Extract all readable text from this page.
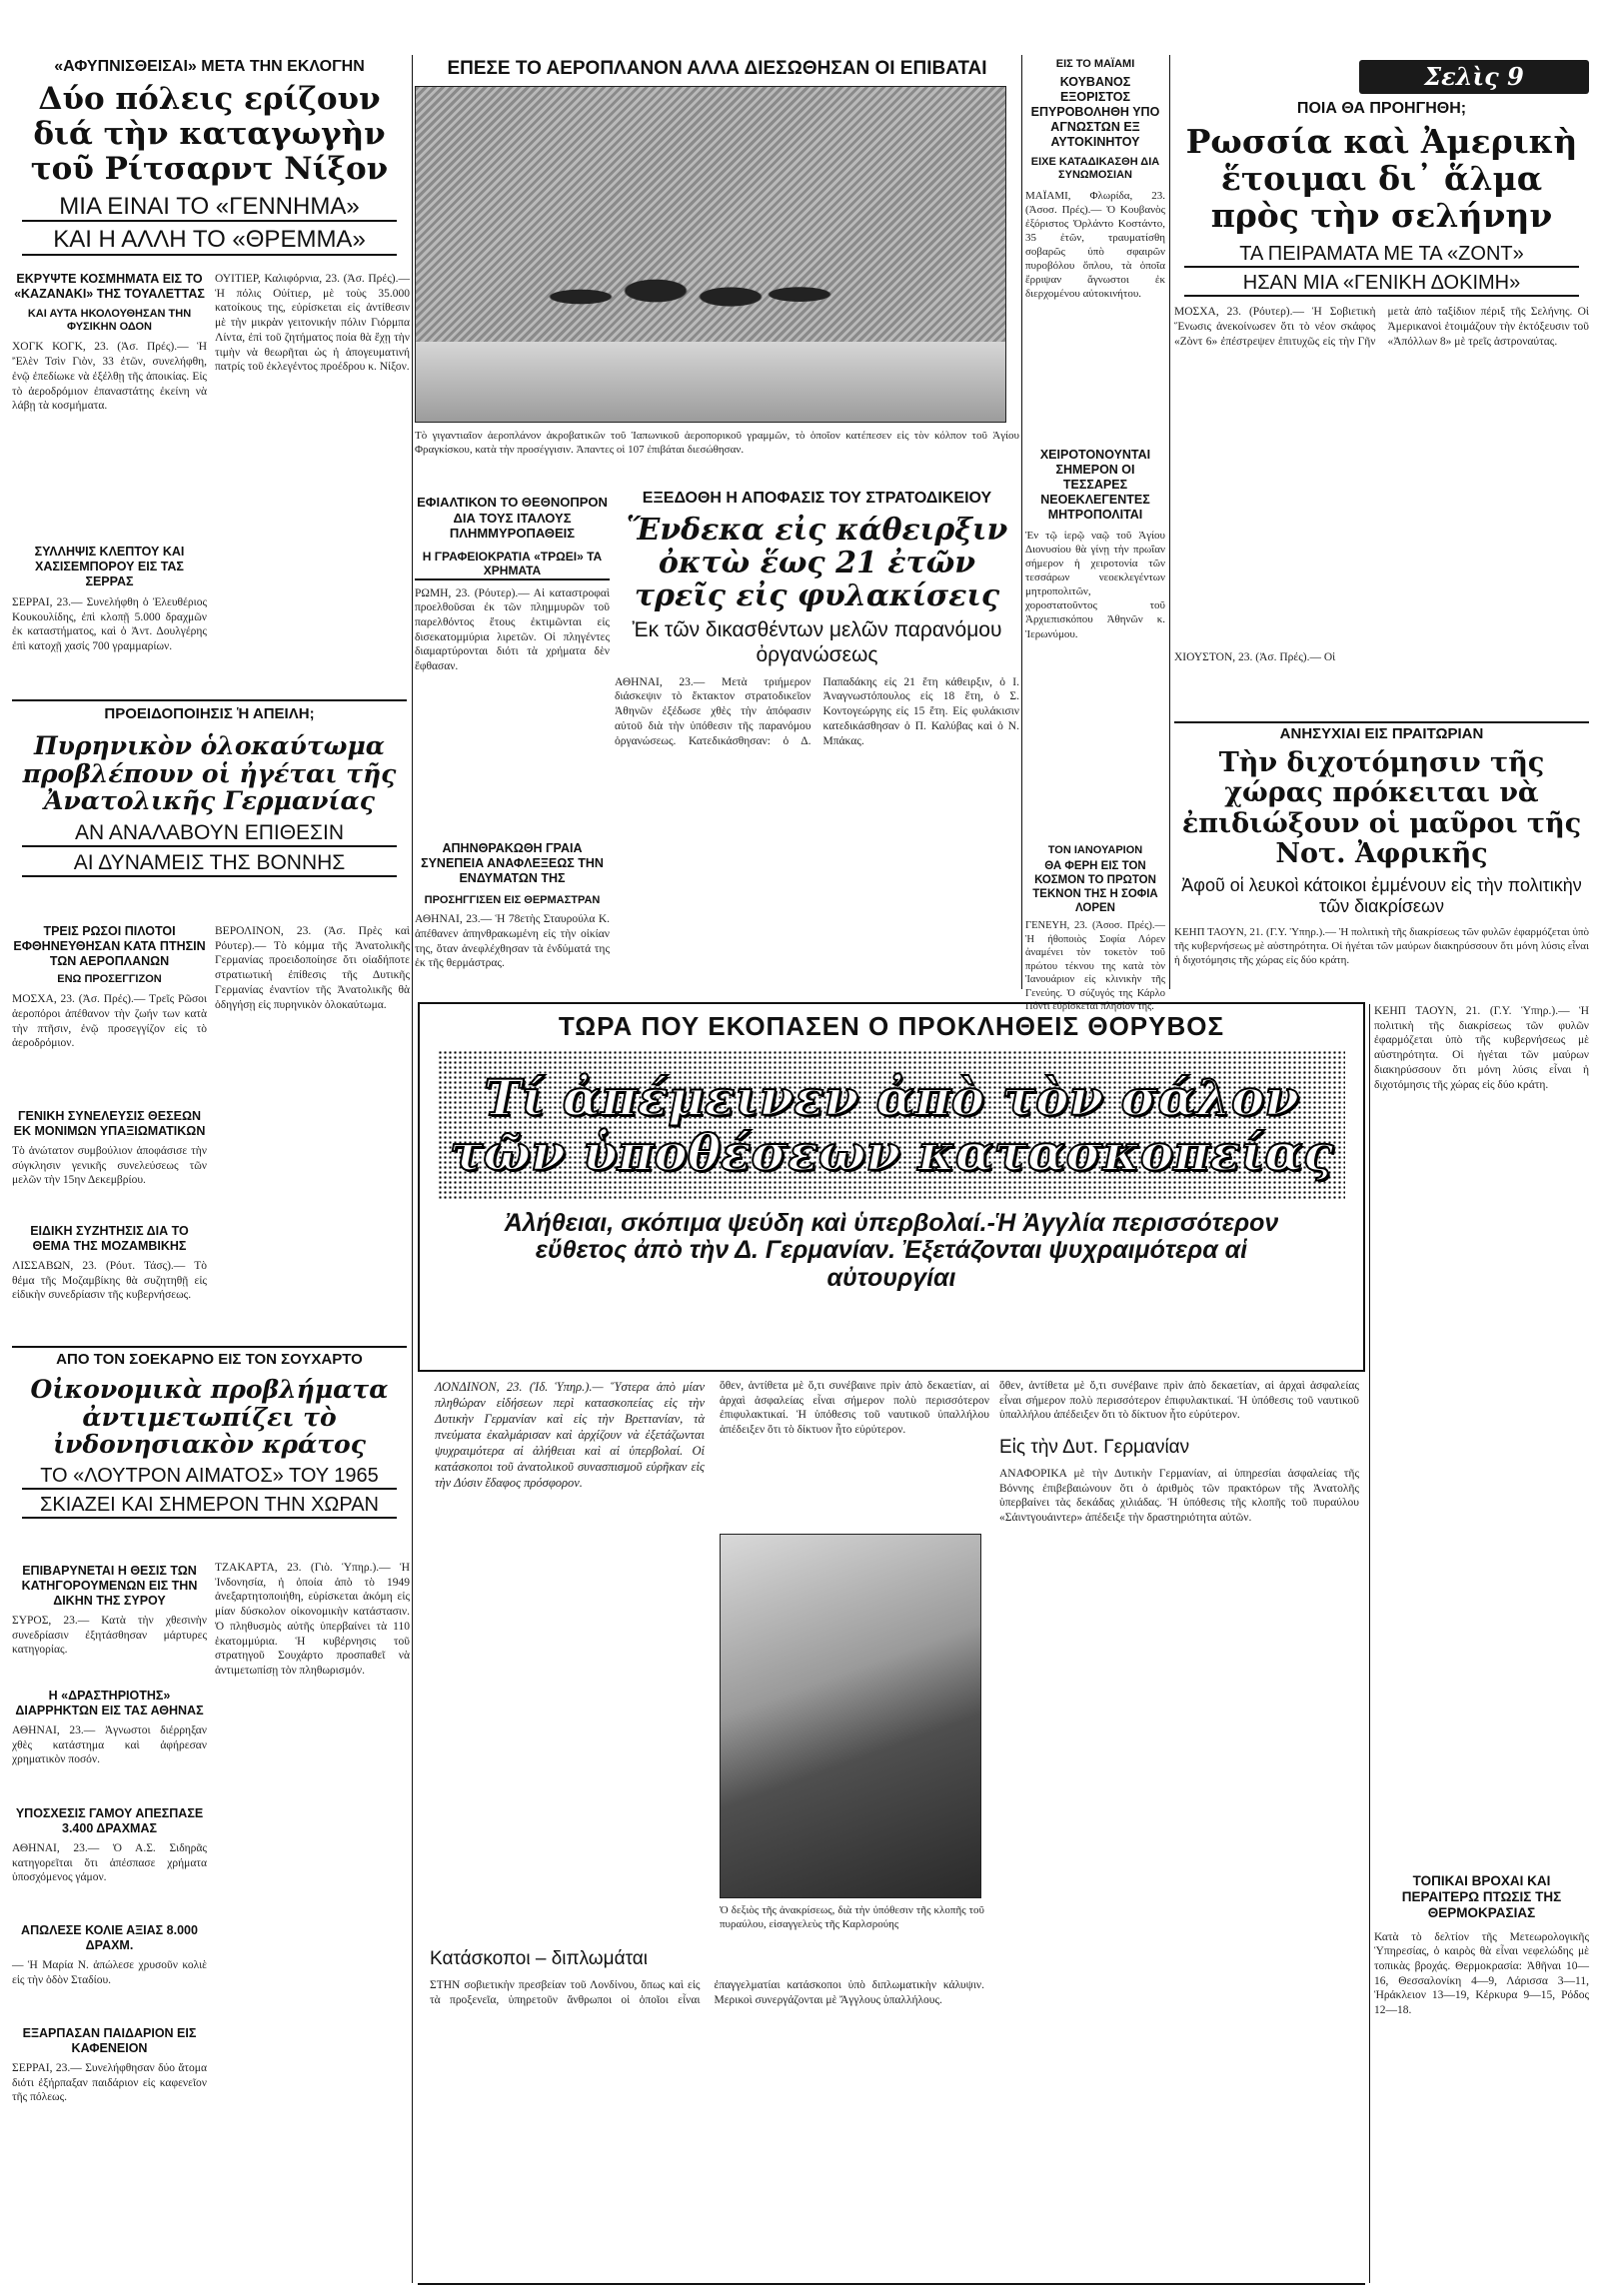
«ΑΦΥΠΝΙΣΘΕΙΣΑΙ» ΜΕΤΑ ΤΗΝ ΕΚΛΟΓΗΝ
Δύο πόλεις ερίζουν διά τὴν καταγωγὴν τοῦ Ρίτσαρντ Νίξον
ΜΙΑ ΕΙΝΑΙ ΤΟ «ΓΕΝΝΗΜΑ»
ΚΑΙ Η ΑΛΛΗ ΤΟ «ΘΡΕΜΜΑ»
ΕΚΡΥΨΤΕ ΚΟΣΜΗΜΑΤΑ ΕΙΣ ΤΟ «ΚΑΖΑΝΑΚΙ» ΤΗΣ ΤΟΥΑΛΕΤΤΑΣ
ΚΑΙ ΑΥΤΑ ΗΚΟΛΟΥΘΗΣΑΝ ΤΗΝ ΦΥΣΙΚΗΝ ΟΔΟΝ
ΧΟΓΚ ΚΟΓΚ, 23. (Ἀσ. Πρές).— Ἡ 'Ἑλὲν Τσὶν Γιὸν, 33 ἐτῶν, συνελήφθη, ἐνῷ ἐπεδίωκε νὰ ἐξέλθῃ τῆς ἀποικίας. Εἰς τὸ ἀεροδρόμιον ἐπαναστάτης ἐκείνη νὰ λάβῃ τὰ κοσμήματα.
ΟΥΙΤΙΕΡ, Καλιφόρνια, 23. (Ἀσ. Πρές).— Ἡ πόλις Οὐίτιερ, μὲ τοὺς 35.000 κατοίκους της, εὑρίσκεται εἰς ἀντίθεσιν μὲ τὴν μικρὰν γειτονικήν πόλιν Γιόρμπα Λίντα, ἐπὶ τοῦ ζητήματος ποία θὰ ἔχῃ τὴν τιμὴν νὰ θεωρῆται ὡς ἡ ἀπογευματινή πατρίς τοῦ ἐκλεγέντος προέδρου κ. Νίξον.
ΣΥΛΛΗΨΙΣ ΚΛΕΠΤΟΥ ΚΑΙ ΧΑΣΙΣΕΜΠΟΡΟΥ ΕΙΣ ΤΑΣ ΣΕΡΡΑΣ
ΣΕΡΡΑΙ, 23.— Συνελήφθη ὁ Ἐλευθέριος Κουκουλίδης, ἐπὶ κλοπῇ 5.000 δραχμῶν ἐκ καταστήματος, καὶ ὁ Ἀντ. Δουλγέρης ἐπὶ κατοχῇ χασίς 700 γραμμαρίων.
ΠΡΟΕΙΔΟΠΟΙΗΣΙΣ Ἡ ΑΠΕΙΛΗ;
Πυρηνικὸν ὁλοκαύτωμα προβλέπουν οἱ ἠγέται τῆς Ἀνατολικῆς Γερμανίας
ΑΝ ΑΝΑΛΑΒΟΥΝ ΕΠΙΘΕΣΙΝ
ΑΙ ΔΥΝΑΜΕΙΣ ΤΗΣ ΒΟΝΝΗΣ
ΤΡΕΙΣ ΡΩΣΟΙ ΠΙΛΟΤΟΙ ΕΦΘΗΝΕΥΘΗΣΑΝ ΚΑΤΑ ΠΤΗΣΙΝ ΤΩΝ ΑΕΡΟΠΛΑΝΩΝ
ΕΝΩ ΠΡΟΣΕΓΓΙΖΟΝ
ΜΟΣΧΑ, 23. (Ἀσ. Πρές).— Τρεῖς Ρῶσοι ἀεροπόροι ἀπέθανον τὴν ζωήν των κατὰ τὴν πτῆσιν, ἐνῷ προσεγγίζον εἰς τὸ ἀεροδρόμιον.
ΒΕΡΟΛΙΝΟΝ, 23. (Ἀσ. Πρὲς καὶ Ρόυτερ).— Τὸ κόμμα τῆς Ἀνατολικῆς Γερμανίας προειδοποίησε ὅτι οἰαδήποτε στρατιωτική ἐπίθεσις τῆς Δυτικῆς Γερμανίας ἐναντίον τῆς Ἀνατολικῆς θὰ ὁδηγήσῃ εἰς πυρηνικὸν ὁλοκαύτωμα.
ΓΕΝΙΚΗ ΣΥΝΕΛΕΥΣΙΣ ΘΕΣΕΩΝ ΕΚ ΜΟΝΙΜΩΝ ΥΠΑΞΙΩΜΑΤΙΚΩΝ
Τὸ ἀνώτατον συμβούλιον ἀποφάσισε τὴν σύγκλησιν γενικῆς συνελεύσεως τῶν μελῶν τὴν 15ην Δεκεμβρίου.
ΕΙΔΙΚΗ ΣΥΖΗΤΗΣΙΣ ΔΙΑ ΤΟ ΘΕΜΑ ΤΗΣ ΜΟΖΑΜΒΙΚΗΣ
ΛΙΣΣΑΒΩΝ, 23. (Ρόυτ. Τάσς).— Τὸ θέμα τῆς Μοζαμβίκης θὰ συζητηθῇ εἰς εἰδικὴν συνεδρίασιν τῆς κυβερνήσεως.
ΑΠΟ ΤΟΝ ΣΟΕΚΑΡΝΟ ΕΙΣ ΤΟΝ ΣΟΥΧΑΡΤΟ
Οἰκονομικὰ προβλήματα ἀντιμετωπίζει τὸ ἰνδονησιακὸν κράτος
ΤΟ «ΛΟΥΤΡΟΝ ΑΙΜΑΤΟΣ» ΤΟΥ 1965
ΣΚΙΑΖΕΙ ΚΑΙ ΣΗΜΕΡΟΝ ΤΗΝ ΧΩΡΑΝ
ΤΖΑΚΑΡΤΑ, 23. (Γιὸ. Ὑπηρ.).— Ἡ Ἰνδονησία, ἡ ὁποία ἀπὸ τὸ 1949 ἀνεξαρτητοποιήθη, εὑρίσκεται ἀκόμη εἰς μίαν δύσκολον οἰκονομικὴν κατάστασιν. Ὁ πληθυσμὸς αὐτῆς ὑπερβαίνει τὰ 110 ἑκατομμύρια. Ἡ κυβέρνησις τοῦ στρατηγοῦ Σουχάρτο προσπαθεῖ νὰ ἀντιμετωπίσῃ τὸν πληθωρισμόν.
ΕΠΙΒΑΡΥΝΕΤΑΙ Η ΘΕΣΙΣ ΤΩΝ ΚΑΤΗΓΟΡΟΥΜΕΝΩΝ ΕΙΣ ΤΗΝ ΔΙΚΗΝ ΤΗΣ ΣΥΡΟΥ
ΣΥΡΟΣ, 23.— Κατὰ τὴν χθεσινὴν συνεδρίασιν ἐξητάσθησαν μάρτυρες κατηγορίας.
Η «ΔΡΑΣΤΗΡΙΟΤΗΣ» ΔΙΑΡΡΗΚΤΩΝ ΕΙΣ ΤΑΣ ΑΘΗΝΑΣ
ΑΘΗΝΑΙ, 23.— Ἀγνωστοι διέρρηξαν χθὲς κατάστημα καὶ ἀφήρεσαν χρηματικὸν ποσόν.
ΥΠΟΣΧΕΣΙΣ ΓΑΜΟΥ ΑΠΕΣΠΑΣΕ 3.400 ΔΡΑΧΜΑΣ
ΑΘΗΝΑΙ, 23.— Ὁ Α.Σ. Σιδηρᾶς κατηγορεῖται ὅτι ἀπέσπασε χρήματα ὑποσχόμενος γάμον.
ΑΠΩΛΕΣΕ ΚΟΛΙΕ ΑΞΙΑΣ 8.000 ΔΡΑΧΜ.
— Ἡ Μαρία Ν. ἀπώλεσε χρυσοῦν κολιὲ εἰς τὴν ὁδὸν Σταδίου.
ΕΞΑΡΠΑΣΑΝ ΠΑΙΔΑΡΙΟΝ ΕΙΣ ΚΑΦΕΝΕΙΟΝ
ΣΕΡΡΑΙ, 23.— Συνελήφθησαν δύο ἄτομα διότι ἐξήρπαξαν παιδάριον εἰς καφενεῖον τῆς πόλεως.
ΕΠΕΣΕ ΤΟ ΑΕΡΟΠΛΑΝΟΝ ΑΛΛΑ ΔΙΕΣΩΘΗΣΑΝ ΟΙ ΕΠΙΒΑΤΑΙ
Τὸ γιγαντιαῖον ἀεροπλάνον ἀκροβατικῶν τοῦ Ἰαπωνικοῦ ἀεροπορικοῦ γραμμῶν, τὸ ὁποῖον κατέπεσεν εἰς τὸν κόλπον τοῦ Ἁγίου Φραγκίσκου, κατὰ τὴν προσέγγισιν. Ἀπαντες οἱ 107 ἐπιβάται διεσώθησαν.
ΕΦΙΑΛΤΙΚΟΝ ΤΟ ΘΕΘΝΟΠΡΟΝ ΔΙΑ ΤΟΥΣ ΙΤΑΛΟΥΣ ΠΛΗΜΜΥΡΟΠΑΘΕΙΣ
Η ΓΡΑΦΕΙΟΚΡΑΤΙΑ «ΤΡΩΕΙ» ΤΑ ΧΡΗΜΑΤΑ
ΡΩΜΗ, 23. (Ρόυτερ).— Αἱ καταστροφαὶ προελθοῦσαι ἐκ τῶν πλημμυρῶν τοῦ παρελθόντος ἔτους ἐκτιμῶνται εἰς δισεκατομμύρια λιρετῶν. Οἱ πληγέντες διαμαρτύρονται διότι τὰ χρήματα δὲν ἔφθασαν.
ΑΠΗΝΘΡΑΚΩΘΗ ΓΡΑΙΑ ΣΥΝΕΠΕΙΑ ΑΝΑΦΛΕΞΕΩΣ ΤΗΝ ΕΝΔΥΜΑΤΩΝ ΤΗΣ
ΠΡΟΣΗΓΓΙΣΕΝ ΕΙΣ ΘΕΡΜΑΣΤΡΑΝ
ΑΘΗΝΑΙ, 23.— Ἡ 78ετὴς Σταυρούλα Κ. ἀπέθανεν ἀπηνθρακωμένη εἰς τὴν οἰκίαν της, ὅταν ἀνεφλέχθησαν τὰ ἐνδύματά της ἐκ τῆς θερμάστρας.
ΕΞΕΔΟΘΗ Η ΑΠΟΦΑΣΙΣ ΤΟΥ ΣΤΡΑΤΟΔΙΚΕΙΟΥ
Ἕνδεκα εἰς κάθειρξιν ὀκτὼ ἕως 21 ἐτῶν τρεῖς εἰς φυλακίσεις
Ἐκ τῶν δικασθέντων μελῶν παρανόμου ὀργανώσεως
ΑΘΗΝΑΙ, 23.— Μετὰ τριήμερον διάσκεψιν τὸ ἔκτακτον στρατοδικεῖον Ἀθηνῶν ἐξέδωσε χθὲς τὴν ἀπόφασιν αὐτοῦ διὰ τὴν ὑπόθεσιν τῆς παρανόμου ὀργανώσεως. Κατεδικάσθησαν: ὁ Δ. Παπαδάκης εἰς 21 ἔτη κάθειρξιν, ὁ Ι. Ἀναγνωστόπουλος εἰς 18 ἔτη, ὁ Σ. Κοντογεώργης εἰς 15 ἔτη. Εἰς φυλάκισιν κατεδικάσθησαν ὁ Π. Καλύβας καὶ ὁ Ν. Μπάκας.
ΕΙΣ ΤΟ ΜΑΪΑΜΙ
ΚΟΥΒΑΝΟΣ ΕΞΟΡΙΣΤΟΣ ΕΠΥΡΟΒΟΛΗΘΗ ΥΠΟ ΑΓΝΩΣΤΩΝ ΕΞ ΑΥΤΟΚΙΝΗΤΟΥ
ΕΙΧΕ ΚΑΤΑΔΙΚΑΣΘΗ ΔΙΑ ΣΥΝΩΜΟΣΙΑΝ
ΜΑΪΑΜΙ, Φλωρίδα, 23. (Ἀσοσ. Πρές).— Ὁ Κουβανὸς ἐξόριστος Ὀρλάντο Κοστάντο, 35 ἐτῶν, τραυματίσθη σοβαρῶς ὑπὸ σφαιρῶν πυροβόλου ὅπλου, τὰ ὁποῖα ἔρριψαν ἄγνωστοι ἐκ διερχομένου αὐτοκινήτου.
ΧΕΙΡΟΤΟΝΟΥΝΤΑΙ ΣΗΜΕΡΟΝ ΟΙ ΤΕΣΣΑΡΕΣ ΝΕΟΕΚΛΕΓΕΝΤΕΣ ΜΗΤΡΟΠΟΛΙΤΑΙ
Ἐν τῷ ἱερῷ ναῷ τοῦ Ἁγίου Διονυσίου θὰ γίνῃ τὴν πρωΐαν σήμερον ἡ χειροτονία τῶν τεσσάρων νεοεκλεγέντων μητροπολιτῶν, χοροστατοῦντος τοῦ Ἀρχιεπισκόπου Ἀθηνῶν κ. Ἱερωνύμου.
ΤΟΝ ΙΑΝΟΥΑΡΙΟΝ
ΘΑ ΦΕΡΗ ΕΙΣ ΤΟΝ ΚΟΣΜΟΝ ΤΟ ΠΡΩΤΟΝ ΤΕΚΝΟΝ ΤΗΣ Η ΣΟΦΙΑ ΛΟΡΕΝ
ΓΕΝΕΥΗ, 23. (Ἀσοσ. Πρές).— Ἡ ἠθοποιὸς Σοφία Λόρεν ἀναμένει τὸν τοκετὸν τοῦ πρώτου τέκνου της κατὰ τὸν Ἰανουάριον εἰς κλινικὴν τῆς Γενεύης. Ὁ σύζυγός της Κάρλο Πόντι εὑρίσκεται πλησίον της.
Σελὶς 9
ΠΟΙΑ ΘΑ ΠΡΟΗΓΗΘΗ;
Ρωσσία καὶ Ἀμερικὴ ἕτοιμαι δι᾽ ἅλμα πρὸς τὴν σελήνην
ΤΑ ΠΕΙΡΑΜΑΤΑ ΜΕ ΤΑ «ΖΟΝΤ»
ΗΣΑΝ ΜΙΑ «ΓΕΝΙΚΗ ΔΟΚΙΜΗ»
ΜΟΣΧΑ, 23. (Ρόυτερ).— Ἡ Σοβιετικὴ Ἕνωσις ἀνεκοίνωσεν ὅτι τὸ νέον σκάφος «Ζὸντ 6» ἐπέστρεψεν ἐπιτυχῶς εἰς τὴν Γῆν μετὰ ἀπὸ ταξίδιον πέριξ τῆς Σελήνης. Οἱ Ἀμερικανοὶ ἑτοιμάζουν τὴν ἐκτόξευσιν τοῦ «Ἀπόλλων 8» μὲ τρεῖς ἀστροναύτας.
ΧΙΟΥΣΤΟΝ, 23. (Ἀσ. Πρές).— Οἱ
ΑΝΗΣΥΧΙΑΙ ΕΙΣ ΠΡΑΙΤΩΡΙΑΝ
Τὴν διχοτόμησιν τῆς χώρας πρόκειται νὰ ἐπιδιώξουν οἱ μαῦροι τῆς Νοτ. Ἀφρικῆς
Ἀφοῦ οἱ λευκοὶ κάτοικοι ἐμμένουν εἰς τὴν πολιτικὴν τῶν διακρίσεων
ΚΕΗΠ ΤΑΟΥΝ, 21. (Γ.Υ. Ὑπηρ.).— Ἡ πολιτικὴ τῆς διακρίσεως τῶν φυλῶν ἐφαρμόζεται ὑπὸ τῆς κυβερνήσεως μὲ αὐστηρότητα. Οἱ ἡγέται τῶν μαύρων διακηρύσσουν ὅτι μόνη λύσις εἶναι ἡ διχοτόμησις τῆς χώρας εἰς δύο κράτη.
ΚΕΗΠ ΤΑΟΥΝ, 21. (Γ.Υ. Ὑπηρ.).— Ἡ πολιτικὴ τῆς διακρίσεως τῶν φυλῶν ἐφαρμόζεται ὑπὸ τῆς κυβερνήσεως μὲ αὐστηρότητα. Οἱ ἡγέται τῶν μαύρων διακηρύσσουν ὅτι μόνη λύσις εἶναι ἡ διχοτόμησις τῆς χώρας εἰς δύο κράτη.
ΤΟΠΙΚΑΙ ΒΡΟΧΑΙ ΚΑΙ ΠΕΡΑΙΤΕΡΩ ΠΤΩΣΙΣ ΤΗΣ ΘΕΡΜΟΚΡΑΣΙΑΣ
Κατὰ τὸ δελτίον τῆς Μετεωρολογικῆς Ὑπηρεσίας, ὁ καιρὸς θὰ εἶναι νεφελώδης μὲ τοπικὰς βροχάς. Θερμοκρασία: Ἀθῆναι 10—16, Θεσσαλονίκη 4—9, Λάρισσα 3—11, Ἡράκλειον 13—19, Κέρκυρα 9—15, Ρόδος 12—18.
ΤΩΡΑ ΠΟΥ ΕΚΟΠΑΣΕΝ Ο ΠΡΟΚΛΗΘΕΙΣ ΘΟΡΥΒΟΣ
Τί ἀπέμεινεν ἀπὸ τὸν σάλον τῶν ὑποθέσεων κατασκοπείας
Ἀλήθειαι, σκόπιμα ψεύδη καὶ ὑπερβολαί.-Ἡ Ἀγγλία περισσότερον εὔθετος ἀπὸ τὴν Δ. Γερμανίαν. Ἐξετάζονται ψυχραιμότερα αἱ αὐτουργίαι
ΛΟΝΔΙΝΟΝ, 23. (Ἰδ. Ὑπηρ.).— Ὕστερα ἀπὸ μίαν πληθώραν εἰδήσεων περὶ κατασκοπείας εἰς τὴν Δυτικὴν Γερμανίαν καὶ εἰς τὴν Βρεττανίαν, τὰ πνεύματα ἐκαλμάρισαν καὶ ἀρχίζουν νὰ ἐξετάζωνται ψυχραιμότερα αἱ ἀλήθειαι καὶ αἱ ὑπερβολαί. Οἱ κατάσκοποι τοῦ ἀνατολικοῦ συνασπισμοῦ εὑρῆκαν εἰς τὴν Δύσιν ἔδαφος πρόσφορον.
ὅθεν, ἀντίθετα μὲ ὅ,τι συνέβαινε πρὶν ἀπὸ δεκαετίαν, αἱ ἀρχαὶ ἀσφαλείας εἶναι σήμερον πολὺ περισσότερον ἐπιφυλακτικαί. Ἡ ὑπόθεσις τοῦ ναυτικοῦ ὑπαλλήλου ἀπέδειξεν ὅτι τὸ δίκτυον ἦτο εὐρύτερον.
Ὁ δεξιὸς τῆς ἀνακρίσεως, διὰ τὴν ὑπόθεσιν τῆς κλοπῆς τοῦ πυραύλου, εἰσαγγελεὺς τῆς Καρλσρούης
Κατάσκοποι – διπλωμάται
ΣΤΗΝ σοβιετικὴν πρεσβείαν τοῦ Λονδίνου, ὅπως καὶ εἰς τὰ προξενεῖα, ὑπηρετοῦν ἄνθρωποι οἱ ὁποῖοι εἶναι ἐπαγγελματίαι κατάσκοποι ὑπὸ διπλωματικὴν κάλυψιν. Μερικοὶ συνεργάζονται μὲ Ἄγγλους ὑπαλλήλους.
ὅθεν, ἀντίθετα μὲ ὅ,τι συνέβαινε πρὶν ἀπὸ δεκαετίαν, αἱ ἀρχαὶ ἀσφαλείας εἶναι σήμερον πολὺ περισσότερον ἐπιφυλακτικαί. Ἡ ὑπόθεσις τοῦ ναυτικοῦ ὑπαλλήλου ἀπέδειξεν ὅτι τὸ δίκτυον ἦτο εὐρύτερον.
Εἰς τὴν Δυτ. Γερμανίαν
ΑΝΑΦΟΡΙΚΑ μὲ τὴν Δυτικὴν Γερμανίαν, αἱ ὑπηρεσίαι ἀσφαλείας τῆς Βόννης ἐπιβεβαιώνουν ὅτι ὁ ἀριθμὸς τῶν πρακτόρων τῆς Ἀνατολῆς ὑπερβαίνει τὰς δεκάδας χιλιάδας. Ἡ ὑπόθεσις τῆς κλοπῆς τοῦ πυραύλου «Σάιντγουάιντερ» ἀπέδειξε τὴν δραστηριότητα αὐτῶν.
